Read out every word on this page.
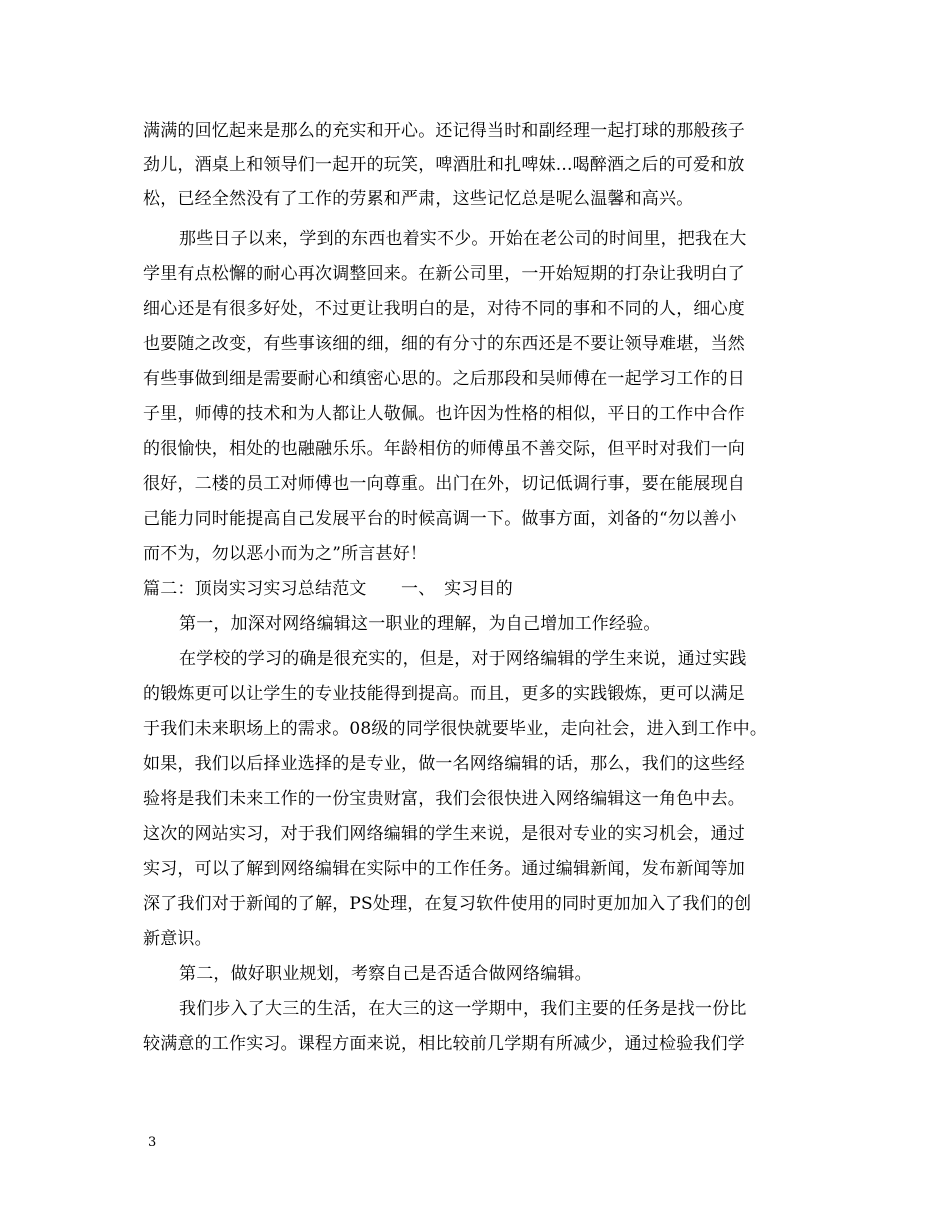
满满的回忆起来是那么的充实和开心。还记得当时和副经理一起打球的那般孩子
劲儿，酒桌上和领导们一起开的玩笑，啤酒肚和扎啤妹...喝醉酒之后的可爱和放
松，已经全然没有了工作的劳累和严肃，这些记忆总是呢么温馨和高兴。
那些日子以来，学到的东西也着实不少。开始在老公司的时间里，把我在大
学里有点松懈的耐心再次调整回来。在新公司里，一开始短期的打杂让我明白了
细心还是有很多好处，不过更让我明白的是，对待不同的事和不同的人，细心度
也要随之改变，有些事该细的细，细的有分寸的东西还是不要让领导难堪，当然
有些事做到细是需要耐心和缜密心思的。之后那段和吴师傅在一起学习工作的日
子里，师傅的技术和为人都让人敬佩。也许因为性格的相似，平日的工作中合作
的很愉快，相处的也融融乐乐。年龄相仿的师傅虽不善交际，但平时对我们一向
很好，二楼的员工对师傅也一向尊重。出门在外，切记低调行事，要在能展现自
己能力同时能提高自己发展平台的时候高调一下。做事方面，刘备的“勿以善小
而不为，勿以恶小而为之”所言甚好！
篇二：顶岗实习实习总结范文　　一、　实习目的
第一，加深对网络编辑这一职业的理解，为自己增加工作经验。
在学校的学习的确是很充实的，但是，对于网络编辑的学生来说，通过实践
的锻炼更可以让学生的专业技能得到提高。而且，更多的实践锻炼，更可以满足
于我们未来职场上的需求。08级的同学很快就要毕业，走向社会，进入到工作中。
如果，我们以后择业选择的是专业，做一名网络编辑的话，那么，我们的这些经
验将是我们未来工作的一份宝贵财富，我们会很快进入网络编辑这一角色中去。
这次的网站实习，对于我们网络编辑的学生来说，是很对专业的实习机会，通过
实习，可以了解到网络编辑在实际中的工作任务。通过编辑新闻，发布新闻等加
深了我们对于新闻的了解，PS处理，在复习软件使用的同时更加加入了我们的创
新意识。
第二，做好职业规划，考察自己是否适合做网络编辑。
我们步入了大三的生活，在大三的这一学期中，我们主要的任务是找一份比
较满意的工作实习。课程方面来说，相比较前几学期有所减少，通过检验我们学
3
